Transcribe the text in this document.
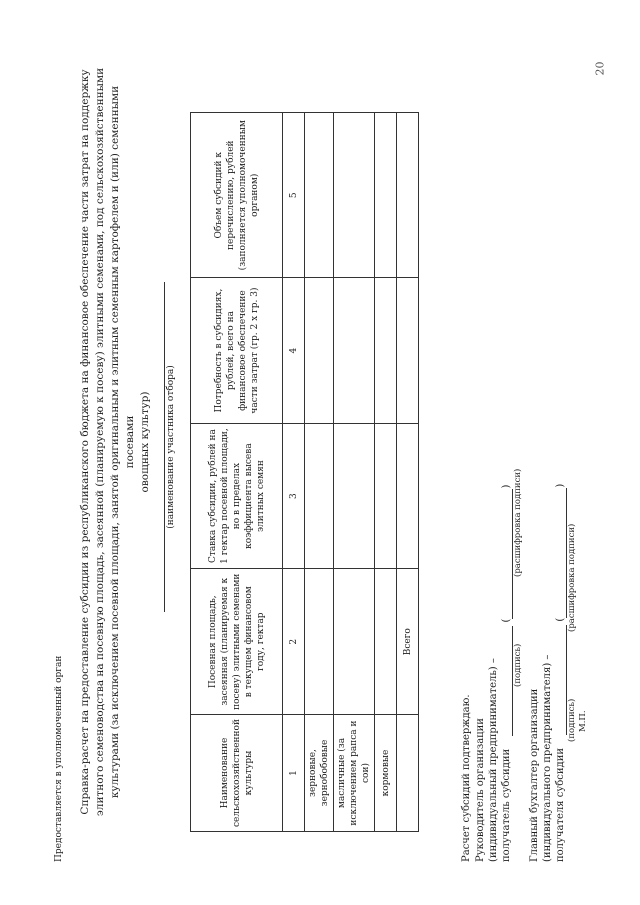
20
Предоставляется в уполномоченный орган Справка-расчет на предоставление субсидии из республиканского бюджета на финансовое обеспечение части затрат на поддержку элитного семеноводства на посевную площадь, засеянной (планируемую к посеву) элитными семенами, под сельскохозяйственными культурами (за исключением посевной площади, занятой оригинальным и элитным семенным картофелем и (или) семенными посевами овощных культур) (наименование участника отбора)
Наименование сельскохозяйственной культуры	Посевная площадь, засеянная (планируемая к посеву) элитными семенами в текущем финансовом году, гектар	Ставка субсидии, рублей на 1 гектар посевной площади, но в пределах коэффициента высева элитных семян	Потребность в субсидиях, рублей, всего на финансовое обеспечение части затрат (гр. 2 x гр. 3)	Объем субсидий к перечислению, рублей (заполняется уполномоченным органом)
1	2	3	4	5
зерновые, зернобобовые				
масличные (за исключением рапса и сои)				
кормовые				
	Всего			
Расчет субсидий подтверждаю. Руководитель организации (индивидуальный предприниматель) – получатель субсидии  ()
(подпись)
(расшифровка подписи)
Главный бухгалтер организации (индивидуального предпринимателя) – получателя субсидии  ()
(подпись)
(расшифровка подписи)
М.П.
